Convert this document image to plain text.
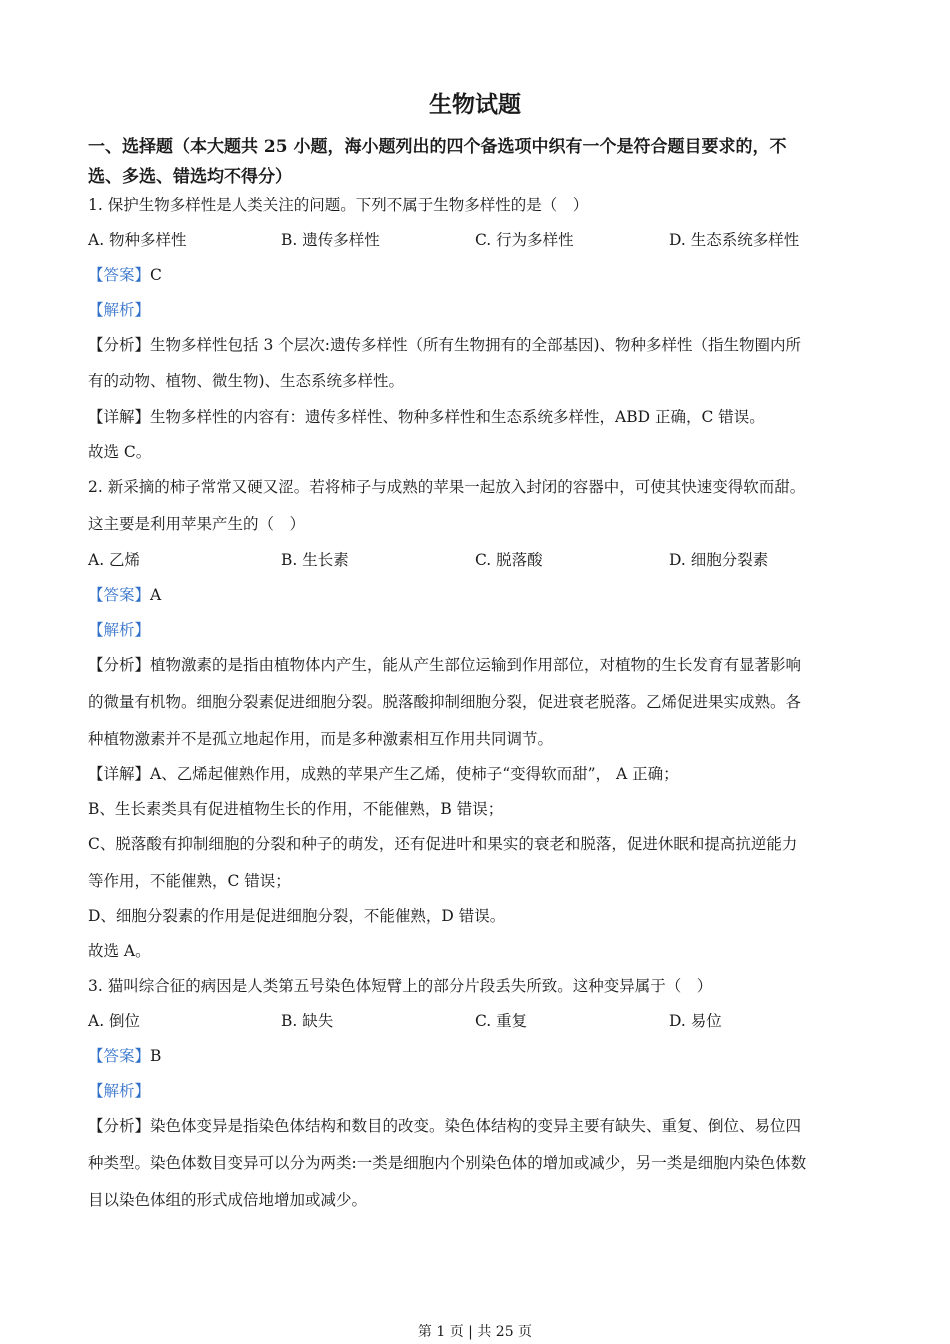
生物试题
一、选择题（本大题共 25 小题，海小题列出的四个备选项中织有一个是符合题目要求的，不
选、多选、错选均不得分）
1. 保护生物多样性是人类关注的问题。下列不属于生物多样性的是（　）
A. 物种多样性	B. 遗传多样性	C. 行为多样性	D. 生态系统多样性
【答案】C
【解析】
【分析】生物多样性包括 3 个层次:遗传多样性（所有生物拥有的全部基因)、物种多样性（指生物圈内所
有的动物、植物、微生物)、生态系统多样性。
【详解】生物多样性的内容有：遗传多样性、物种多样性和生态系统多样性，ABD 正确，C 错误。
故选 C。
2. 新采摘的柿子常常又硬又涩。若将柿子与成熟的苹果一起放入封闭的容器中，可使其快速变得软而甜。
这主要是利用苹果产生的（　）
A. 乙烯	B. 生长素	C. 脱落酸	D. 细胞分裂素
【答案】A
【解析】
【分析】植物激素的是指由植物体内产生，能从产生部位运输到作用部位，对植物的生长发育有显著影响
的微量有机物。细胞分裂素促进细胞分裂。脱落酸抑制细胞分裂，促进衰老脱落。乙烯促进果实成熟。各
种植物激素并不是孤立地起作用，而是多种激素相互作用共同调节。
【详解】A、乙烯起催熟作用，成熟的苹果产生乙烯，使柿子“变得软而甜”， A 正确；
B、生长素类具有促进植物生长的作用，不能催熟，B 错误；
C、脱落酸有抑制细胞的分裂和种子的萌发，还有促进叶和果实的衰老和脱落，促进休眠和提高抗逆能力
等作用，不能催熟，C 错误；
D、细胞分裂素的作用是促进细胞分裂，不能催熟，D 错误。
故选 A。
3. 猫叫综合征的病因是人类第五号染色体短臂上的部分片段丢失所致。这种变异属于（　）
A. 倒位	B. 缺失	C. 重复	D. 易位
【答案】B
【解析】
【分析】染色体变异是指染色体结构和数目的改变。染色体结构的变异主要有缺失、重复、倒位、易位四
种类型。染色体数目变异可以分为两类:一类是细胞内个别染色体的增加或减少，另一类是细胞内染色体数
目以染色体组的形式成倍地增加或减少。
第 1 页 | 共 25 页
